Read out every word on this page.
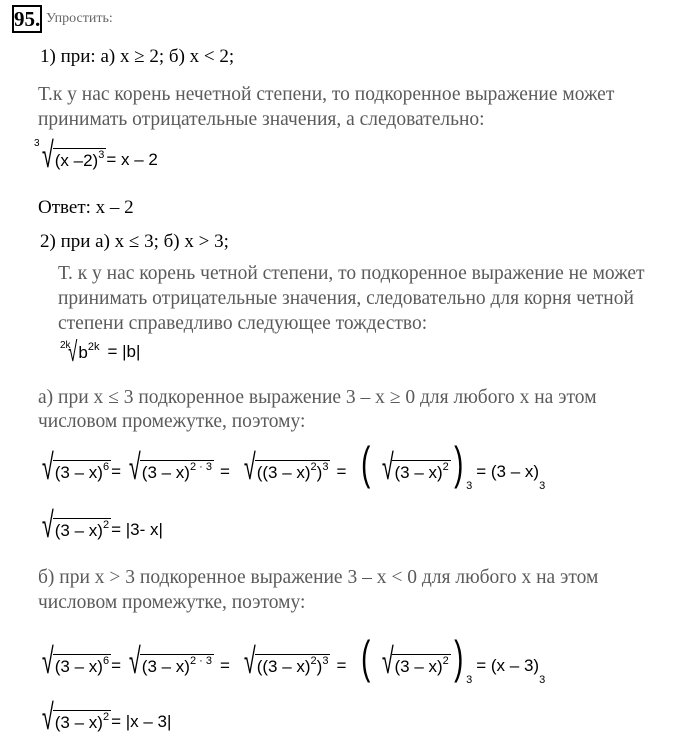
95. Упростить:
1) при: а) x ≥ 2; б) x < 2;
Т.к у нас корень нечетной степени, то подкоренное выражение может
принимать отрицательные значения, а следовательно:
3 √ (x –2)$^3$ = x – 2
Ответ: x – 2
2) при а) x ≤ 3; б) x > 3;
Т. к у нас корень четной степени, то подкоренное выражение не может
принимать отрицательные значения, следовательно для корня четной
степени справедливо следующее тождество:
2k
√ $b^{2k} = |b|$
а) при x ≤ 3 подкоренное выражение 3 – x ≥ 0 для любого x на этом
числовом промежутке, поэтому:
√ (3 – x)$^6$ = √ (3 – x)$^{2 \cdot 3}$ = √ ((3 – x)$^2$)$^3$ = ( √ (3 – x)$^2$ ) 3
= (3 – x)
3
√ (3 – x)$^2$ = |3- x|
б) при x > 3 подкоренное выражение 3 – x < 0 для любого x на этом
числовом промежутке, поэтому:
√ (3 – x)$^6$ = √ (3 – x)$^{2 \cdot 3}$ = √ ((3 – x)$^2$)$^3$ = ( √ (3 – x)$^2$ ) 3
= (x – 3)
3
√ (3 – x)$^2$ = |x – 3|
